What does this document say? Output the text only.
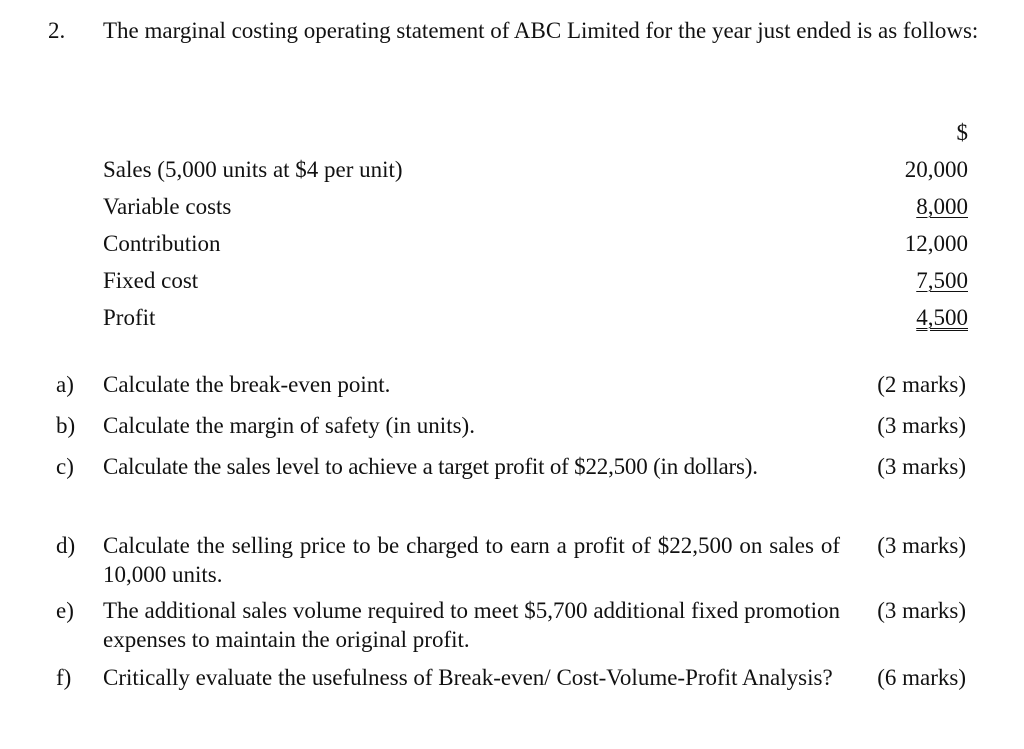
2. The marginal costing operating statement of ABC Limited for the year just ended is as follows:
$
Sales (5,000 units at $4 per unit)	20,000
Variable costs	8,000
Contribution	12,000
Fixed cost	7,500
Profit	4,500
a)	Calculate the break-even point.	(2 marks)
b)	Calculate the margin of safety (in units).	(3 marks)
c)	Calculate the sales level to achieve a target profit of $22,500 (in dollars).	(3 marks)
d)	Calculate the selling price to be charged to earn a profit of $22,500 on sales of 10,000 units.
(3 marks)
e)	The additional sales volume required to meet $5,700 additional fixed promotion expenses to maintain the original profit.
(3 marks)
f)	Critically evaluate the usefulness of Break-even/ Cost-Volume-Profit Analysis?	(6 marks)
